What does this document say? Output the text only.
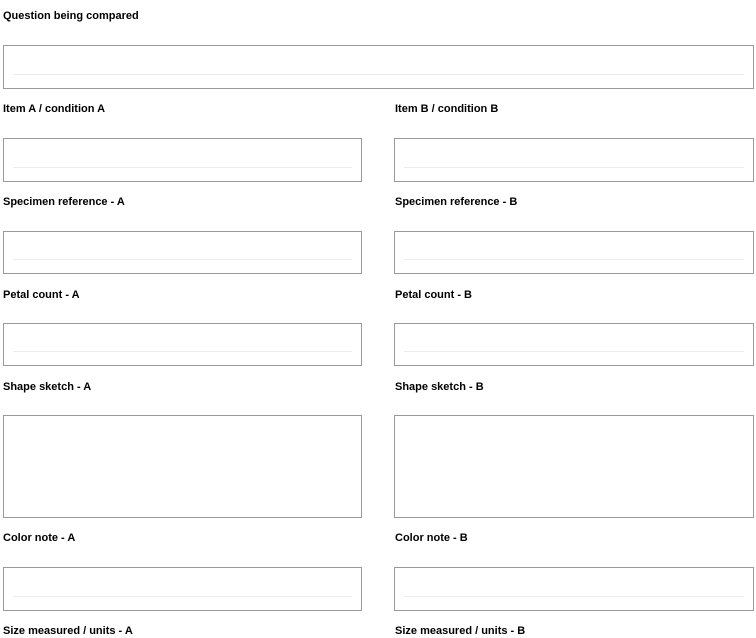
Question being compared
Item A / condition A	Item B / condition B
Specimen reference - A	Specimen reference - B
Petal count - A	Petal count - B
Shape sketch - A	Shape sketch - B
Color note - A	Color note - B
Size measured / units - A	Size measured / units - B
